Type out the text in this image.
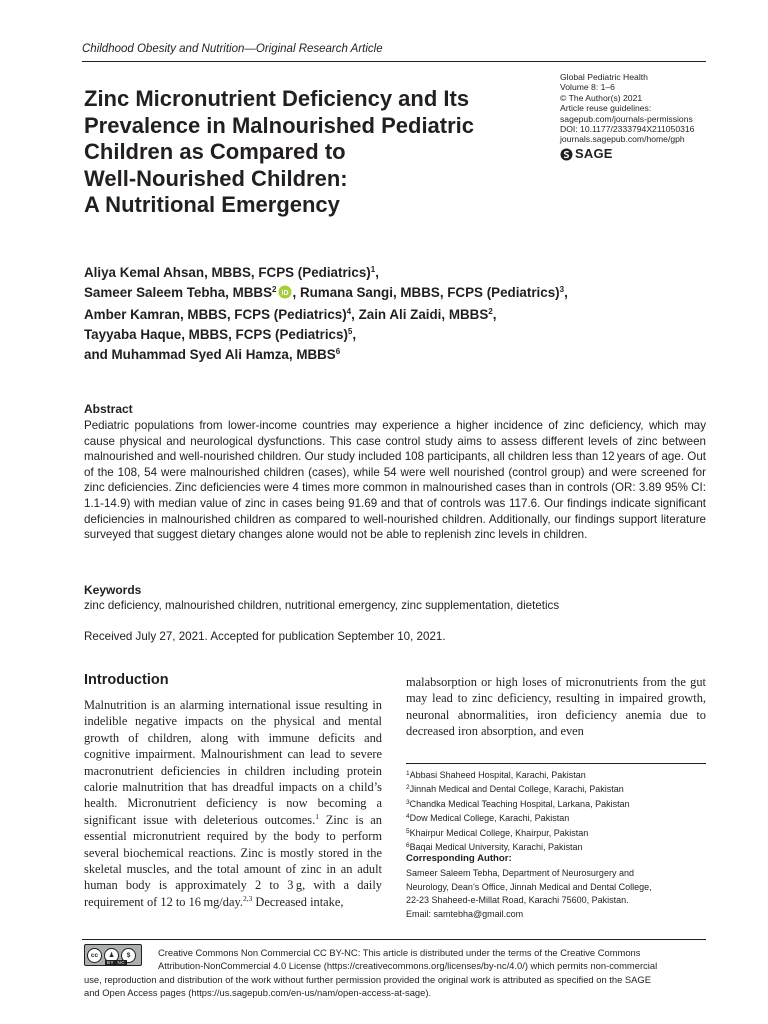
Childhood Obesity and Nutrition—Original Research Article
Zinc Micronutrient Deficiency and Its
Prevalence in Malnourished Pediatric
Children as Compared to
Well-Nourished Children:
A Nutritional Emergency
Global Pediatric Health
Volume 8: 1–6
© The Author(s) 2021
Article reuse guidelines:
sagepub.com/journals-permissions
DOI: 10.1177/2333794X211050316
journals.sagepub.com/home/gph
SAGE
Aliya Kemal Ahsan, MBBS, FCPS (Pediatrics)$^1$,
Sameer Saleem Tebha, MBBS$^2$ iD , Rumana Sangi, MBBS, FCPS (Pediatrics)$^3$,
Amber Kamran, MBBS, FCPS (Pediatrics)$^4$, Zain Ali Zaidi, MBBS$^2$,
Tayyaba Haque, MBBS, FCPS (Pediatrics)$^5$,
and Muhammad Syed Ali Hamza, MBBS$^6$
Abstract
Pediatric populations from lower-income countries may experience a higher incidence of zinc deficiency, which may cause physical and neurological dysfunctions. This case control study aims to assess different levels of zinc between malnourished and well-nourished children. Our study included 108 participants, all children less than 12 years of age. Out of the 108, 54 were malnourished children (cases), while 54 were well nourished (control group) and were screened for zinc deficiencies. Zinc deficiencies were 4 times more common in malnourished cases than in controls (OR: 3.89 95% CI: 1.1-14.9) with median value of zinc in cases being 91.69 and that of controls was 117.6. Our findings indicate significant deficiencies in malnourished children as compared to well-nourished children. Additionally, our findings support literature surveyed that suggest dietary changes alone would not be able to replenish zinc levels in children.
Keywords
zinc deficiency, malnourished children, nutritional emergency, zinc supplementation, dietetics
Received July 27, 2021. Accepted for publication September 10, 2021.
Introduction
Malnutrition is an alarming international issue resulting in indelible negative impacts on the physical and mental growth of children, along with immune deficits and cognitive impairment. Malnourishment can lead to severe macronutrient deficiencies in children including protein calorie malnutrition that has dreadful impacts on a child’s health. Micronutrient deficiency is now becoming a significant issue with deleterious outcomes.$^1$ Zinc is an essential micronutrient required by the body to perform several biochemical reactions. Zinc is mostly stored in the skeletal muscles, and the total amount of zinc in an adult human body is approximately 2 to 3 g, with a daily requirement of 12 to 16 mg/day.$^{2,3}$ Decreased intake,
malabsorption or high loses of micronutrients from the gut may lead to zinc deficiency, resulting in impaired growth, neuronal abnormalities, iron deficiency anemia due to decreased iron absorption, and even
$^1$Abbasi Shaheed Hospital, Karachi, Pakistan
$^2$Jinnah Medical and Dental College, Karachi, Pakistan
$^3$Chandka Medical Teaching Hospital, Larkana, Pakistan
$^4$Dow Medical College, Karachi, Pakistan
$^5$Khairpur Medical College, Khairpur, Pakistan
$^6$Baqai Medical University, Karachi, Pakistan
Corresponding Author:
Sameer Saleem Tebha, Department of Neurosurgery and
Neurology, Dean’s Office, Jinnah Medical and Dental College,
22-23 Shaheed-e-Millat Road, Karachi 75600, Pakistan.
Email: samtebha@gmail.com
cc	♟	$
BY NC
Creative Commons Non Commercial CC BY-NC: This article is distributed under the terms of the Creative Commons
Attribution-NonCommercial 4.0 License (https://creativecommons.org/licenses/by-nc/4.0/) which permits non-commercial
use, reproduction and distribution of the work without further permission provided the original work is attributed as specified on the SAGE
and Open Access pages (https://us.sagepub.com/en-us/nam/open-access-at-sage).
